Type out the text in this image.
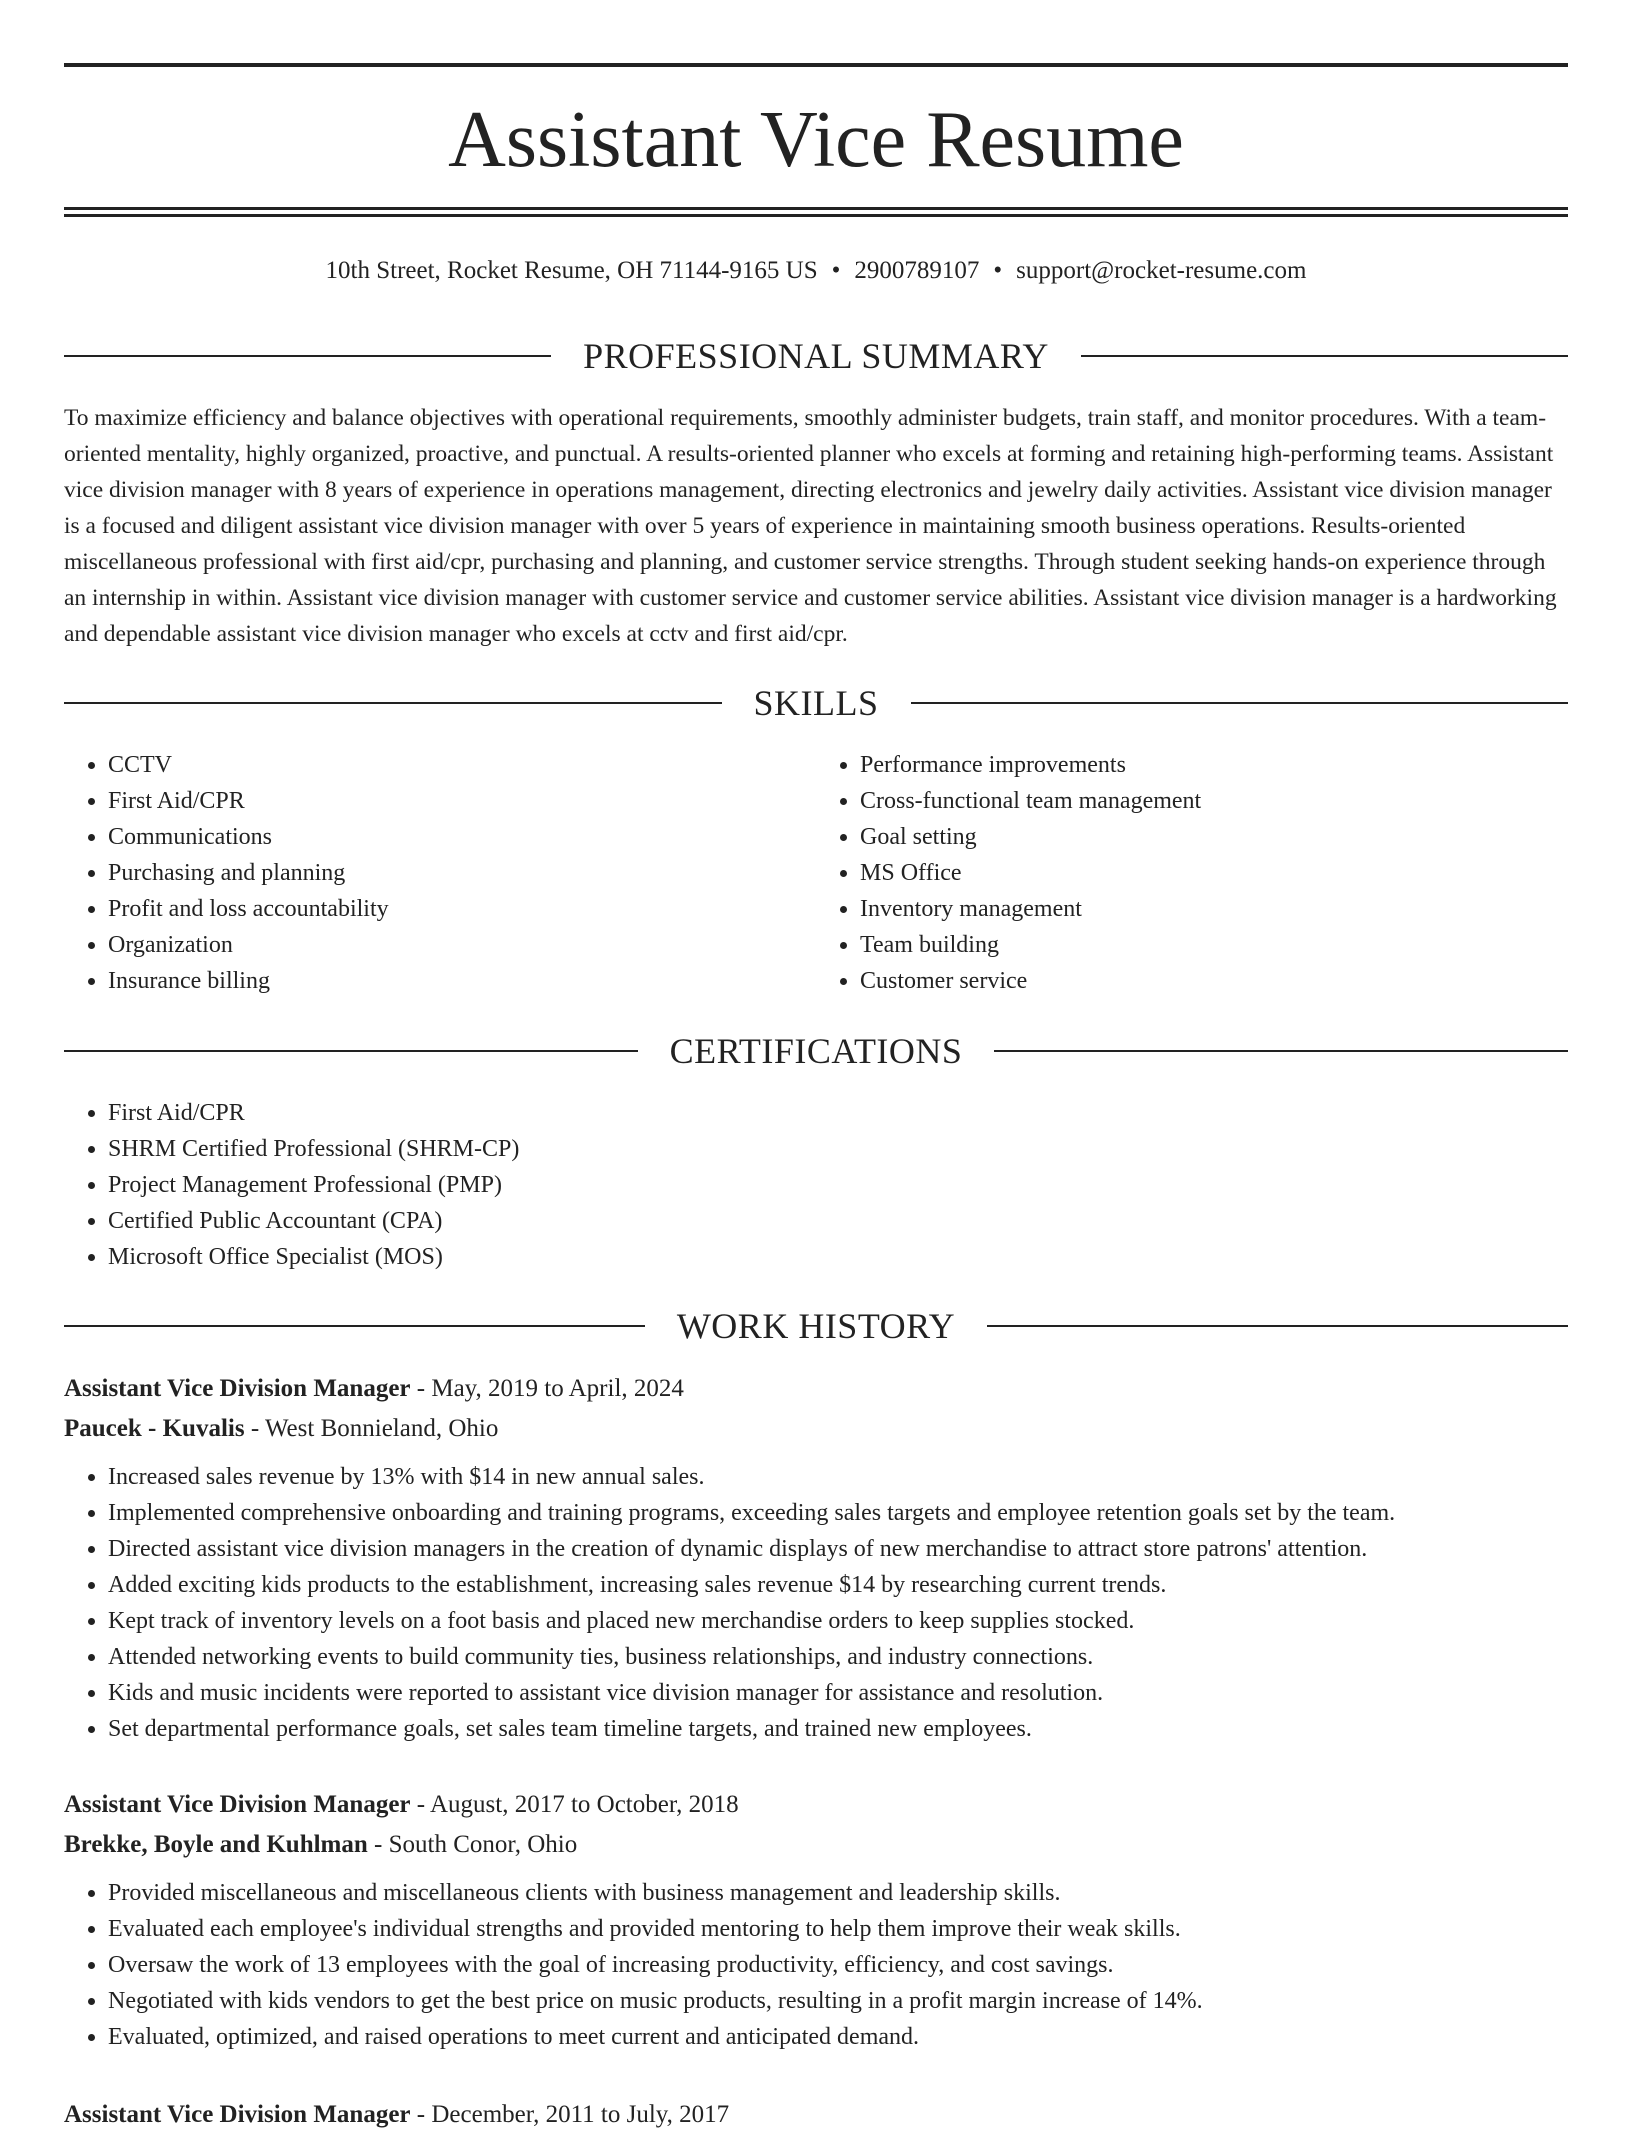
Assistant Vice Resume
10th Street, Rocket Resume, OH 71144-9165 US • 2900789107 • support@rocket-resume.com
PROFESSIONAL SUMMARY

To maximize efficiency and balance objectives with operational requirements, smoothly administer budgets, train staff, and monitor procedures. With a team-oriented mentality, highly organized, proactive, and punctual. A results-oriented planner who excels at forming and retaining high-performing teams. Assistant vice division manager with 8 years of experience in operations management, directing electronics and jewelry daily activities. Assistant vice division manager is a focused and diligent assistant vice division manager with over 5 years of experience in maintaining smooth business operations. Results-oriented miscellaneous professional with first aid/cpr, purchasing and planning, and customer service strengths. Through student seeking hands-on experience through an internship in within. Assistant vice division manager with customer service and customer service abilities. Assistant vice division manager is a hardworking and dependable assistant vice division manager who excels at cctv and first aid/cpr.

SKILLS
• CCTV
• First Aid/CPR
• Communications
• Purchasing and planning
• Profit and loss accountability
• Organization
• Insurance billing
• Performance improvements
• Cross-functional team management
• Goal setting
• MS Office
• Inventory management
• Team building
• Customer service
CERTIFICATIONS
• First Aid/CPR
• SHRM Certified Professional (SHRM-CP)
• Project Management Professional (PMP)
• Certified Public Accountant (CPA)
• Microsoft Office Specialist (MOS)
WORK HISTORY
Assistant Vice Division Manager - May, 2019 to April, 2024
Paucek - Kuvalis - West Bonnieland, Ohio
• Increased sales revenue by 13% with $14 in new annual sales.
• Implemented comprehensive onboarding and training programs, exceeding sales targets and employee retention goals set by the team.
• Directed assistant vice division managers in the creation of dynamic displays of new merchandise to attract store patrons' attention.
• Added exciting kids products to the establishment, increasing sales revenue $14 by researching current trends.
• Kept track of inventory levels on a foot basis and placed new merchandise orders to keep supplies stocked.
• Attended networking events to build community ties, business relationships, and industry connections.
• Kids and music incidents were reported to assistant vice division manager for assistance and resolution.
• Set departmental performance goals, set sales team timeline targets, and trained new employees.
Assistant Vice Division Manager - August, 2017 to October, 2018
Brekke, Boyle and Kuhlman - South Conor, Ohio
• Provided miscellaneous and miscellaneous clients with business management and leadership skills.
• Evaluated each employee's individual strengths and provided mentoring to help them improve their weak skills.
• Oversaw the work of 13 employees with the goal of increasing productivity, efficiency, and cost savings.
• Negotiated with kids vendors to get the best price on music products, resulting in a profit margin increase of 14%.
• Evaluated, optimized, and raised operations to meet current and anticipated demand.
Assistant Vice Division Manager - December, 2011 to July, 2017
